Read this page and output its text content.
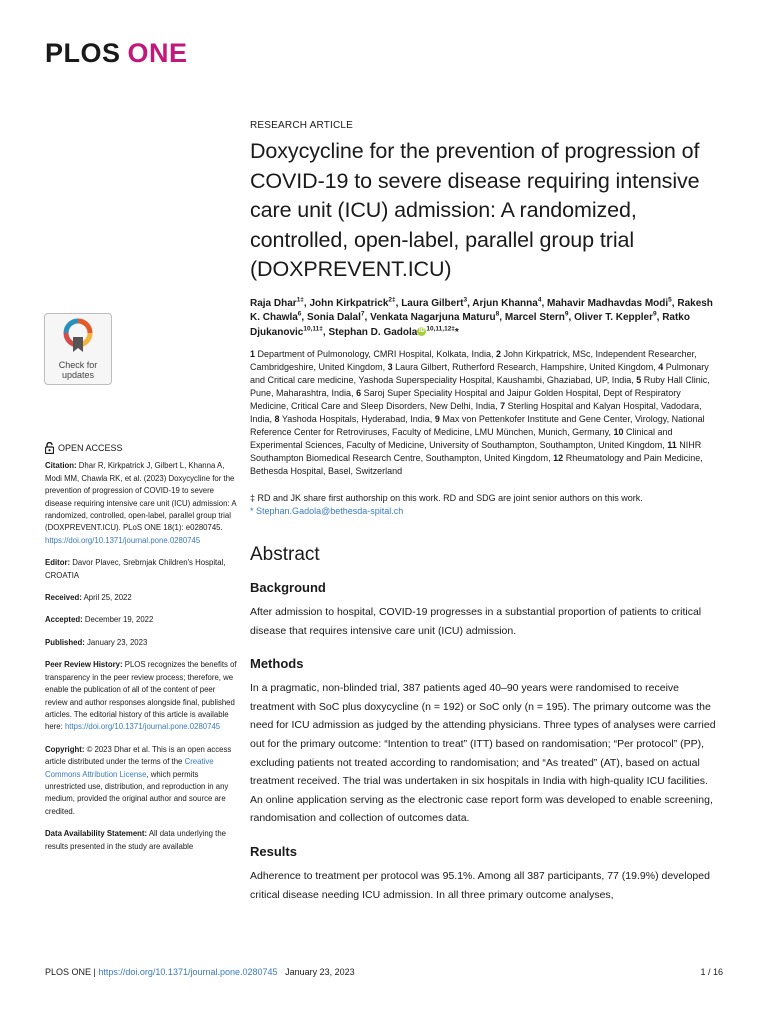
PLOS ONE
Check for
updates
RESEARCH ARTICLE
Doxycycline for the prevention of progression of COVID-19 to severe disease requiring intensive care unit (ICU) admission: A randomized, controlled, open-label, parallel group trial (DOXPREVENT.ICU)
Raja Dhar$^{1\ddagger}$, John Kirkpatrick$^{2\ddagger}$, Laura Gilbert$^3$, Arjun Khanna$^4$, Mahavir Madhavdas Modi$^5$, Rakesh K. Chawla$^6$, Sonia Dalal$^7$, Venkata Nagarjuna Maturu$^8$, Marcel Stern$^9$, Oliver T. Keppler$^9$, Ratko Djukanovic$^{10,11\ddagger}$, Stephan D. Gadola iD $^{10,11,12\ddagger}$*
1 Department of Pulmonology, CMRI Hospital, Kolkata, India, 2 John Kirkpatrick, MSc, Independent Researcher, Cambridgeshire, United Kingdom, 3 Laura Gilbert, Rutherford Research, Hampshire, United Kingdom, 4 Pulmonary and Critical care medicine, Yashoda Superspeciality Hospital, Kaushambi, Ghaziabad, UP, India, 5 Ruby Hall Clinic, Pune, Maharashtra, India, 6 Saroj Super Speciality Hospital and Jaipur Golden Hospital, Dept of Respiratory Medicine, Critical Care and Sleep Disorders, New Delhi, India, 7 Sterling Hospital and Kalyan Hospital, Vadodara, India, 8 Yashoda Hospitals, Hyderabad, India, 9 Max von Pettenkofer Institute and Gene Center, Virology, National Reference Center for Retroviruses, Faculty of Medicine, LMU München, Munich, Germany, 10 Clinical and Experimental Sciences, Faculty of Medicine, University of Southampton, Southampton, United Kingdom, 11 NIHR Southampton Biomedical Research Centre, Southampton, United Kingdom, 12 Rheumatology and Pain Medicine, Bethesda Hospital, Basel, Switzerland

‡ RD and JK share first authorship on this work. RD and SDG are joint senior authors on this work.

* Stephan.Gadola@bethesda-spital.ch

Abstract
Background

After admission to hospital, COVID-19 progresses in a substantial proportion of patients to critical disease that requires intensive care unit (ICU) admission.

Methods

In a pragmatic, non-blinded trial, 387 patients aged 40–90 years were randomised to receive treatment with SoC plus doxycycline (n = 192) or SoC only (n = 195). The primary outcome was the need for ICU admission as judged by the attending physicians. Three types of analyses were carried out for the primary outcome: “Intention to treat” (ITT) based on randomisation; “Per protocol” (PP), excluding patients not treated according to randomisation; and “As treated” (AT), based on actual treatment received. The trial was undertaken in six hospitals in India with high-quality ICU facilities. An online application serving as the electronic case report form was developed to enable screening, randomisation and collection of outcomes data.

Results

Adherence to treatment per protocol was 95.1%. Among all 387 participants, 77 (19.9%) developed critical disease needing ICU admission. In all three primary outcome analyses,

OPEN ACCESS

Citation: Dhar R, Kirkpatrick J, Gilbert L, Khanna A, Modi MM, Chawla RK, et al. (2023) Doxycycline for the prevention of progression of COVID-19 to severe disease requiring intensive care unit (ICU) admission: A randomized, controlled, open-label, parallel group trial (DOXPREVENT.ICU). PLoS ONE 18(1): e0280745. https://doi.org/10.1371/journal.pone.0280745

Editor: Davor Plavec, Srebrnjak Children's Hospital, CROATIA

Received: April 25, 2022

Accepted: December 19, 2022

Published: January 23, 2023

Peer Review History: PLOS recognizes the benefits of transparency in the peer review process; therefore, we enable the publication of all of the content of peer review and author responses alongside final, published articles. The editorial history of this article is available here: https://doi.org/10.1371/journal.pone.0280745

Copyright: © 2023 Dhar et al. This is an open access article distributed under the terms of the Creative Commons Attribution License, which permits unrestricted use, distribution, and reproduction in any medium, provided the original author and source are credited.

Data Availability Statement: All data underlying the results presented in the study are available

PLOS ONE | https://doi.org/10.1371/journal.pone.0280745 January 23, 2023	1 / 16
